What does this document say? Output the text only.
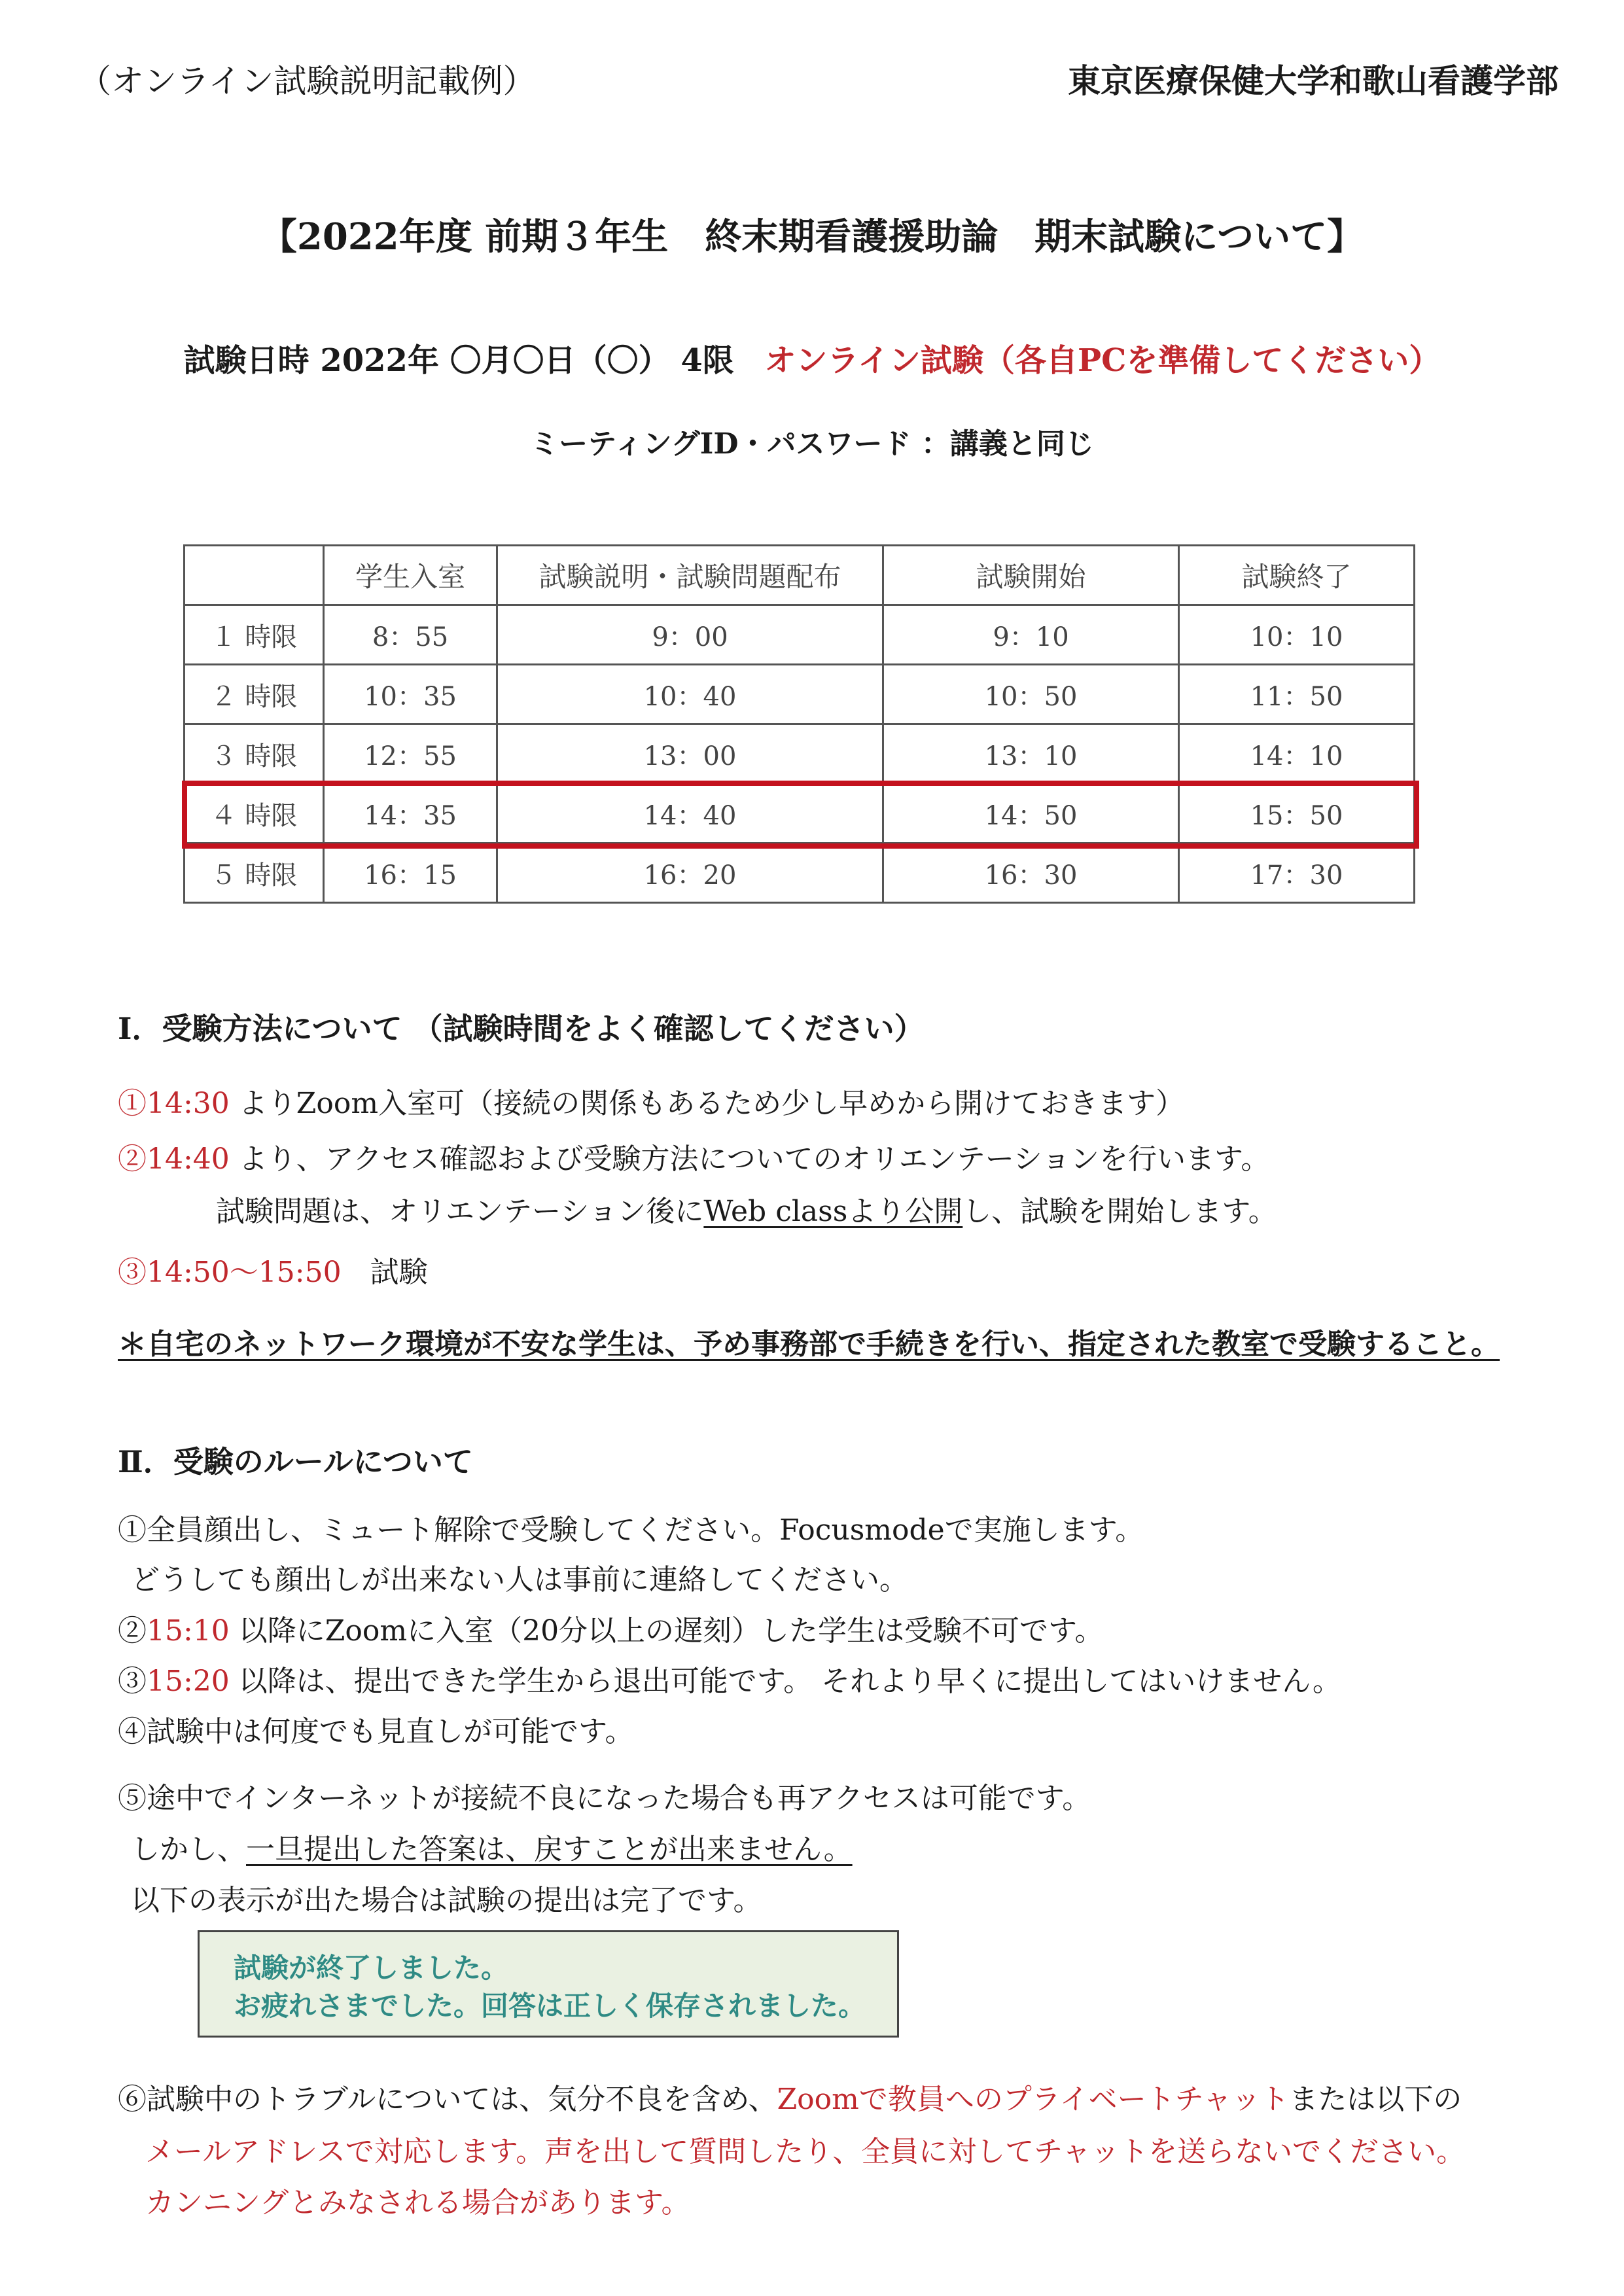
（オンライン試験説明記載例）	東京医療保健大学和歌山看護学部
【2022年度 前期３年生　終末期看護援助論　期末試験について】
試験日時 2022年 〇月〇日（〇） 4限 オンライン試験（各自PCを準備してください）
ミーティングID・パスワード ：講義と同じ
	学生入室	試験説明・試験問題配布	試験開始	試験終了
１ 時限	8：55	9：00	9：10	10：10
２ 時限	10：35	10：40	10：50	11：50
３ 時限	12：55	13：00	13：10	14：10
４ 時限	14：35	14：40	14：50	15：50
５ 時限	16：15	16：20	16：30	17：30
Ⅰ．受験方法について （試験時間をよく確認してください）
①14:30 よりZoom入室可（接続の関係もあるため少し早めから開けておきます）
②14:40 より、アクセス確認および受験方法についてのオリエンテーションを行います。
試験問題は、オリエンテーション後にWeb classより公開し、試験を開始します。
③14:50～15:50　試験
＊自宅のネットワーク環境が不安な学生は、予め事務部で手続きを行い、指定された教室で受験すること。
Ⅱ．受験のルールについて
①全員顔出し、ミュート解除で受験してください。Focusmodeで実施します。
どうしても顔出しが出来ない人は事前に連絡してください。
②15:10 以降にZoomに入室（20分以上の遅刻）した学生は受験不可です。
③15:20 以降は、提出できた学生から退出可能です。 それより早くに提出してはいけません。
④試験中は何度でも見直しが可能です。
⑤途中でインターネットが接続不良になった場合も再アクセスは可能です。
しかし、一旦提出した答案は、戻すことが出来ません。
以下の表示が出た場合は試験の提出は完了です。
試験が終了しました。
お疲れさまでした。回答は正しく保存されました。
⑥試験中のトラブルについては、気分不良を含め、Zoomで教員へのプライベートチャットまたは以下の
メールアドレスで対応します。声を出して質問したり、全員に対してチャットを送らないでください。
カンニングとみなされる場合があります。
